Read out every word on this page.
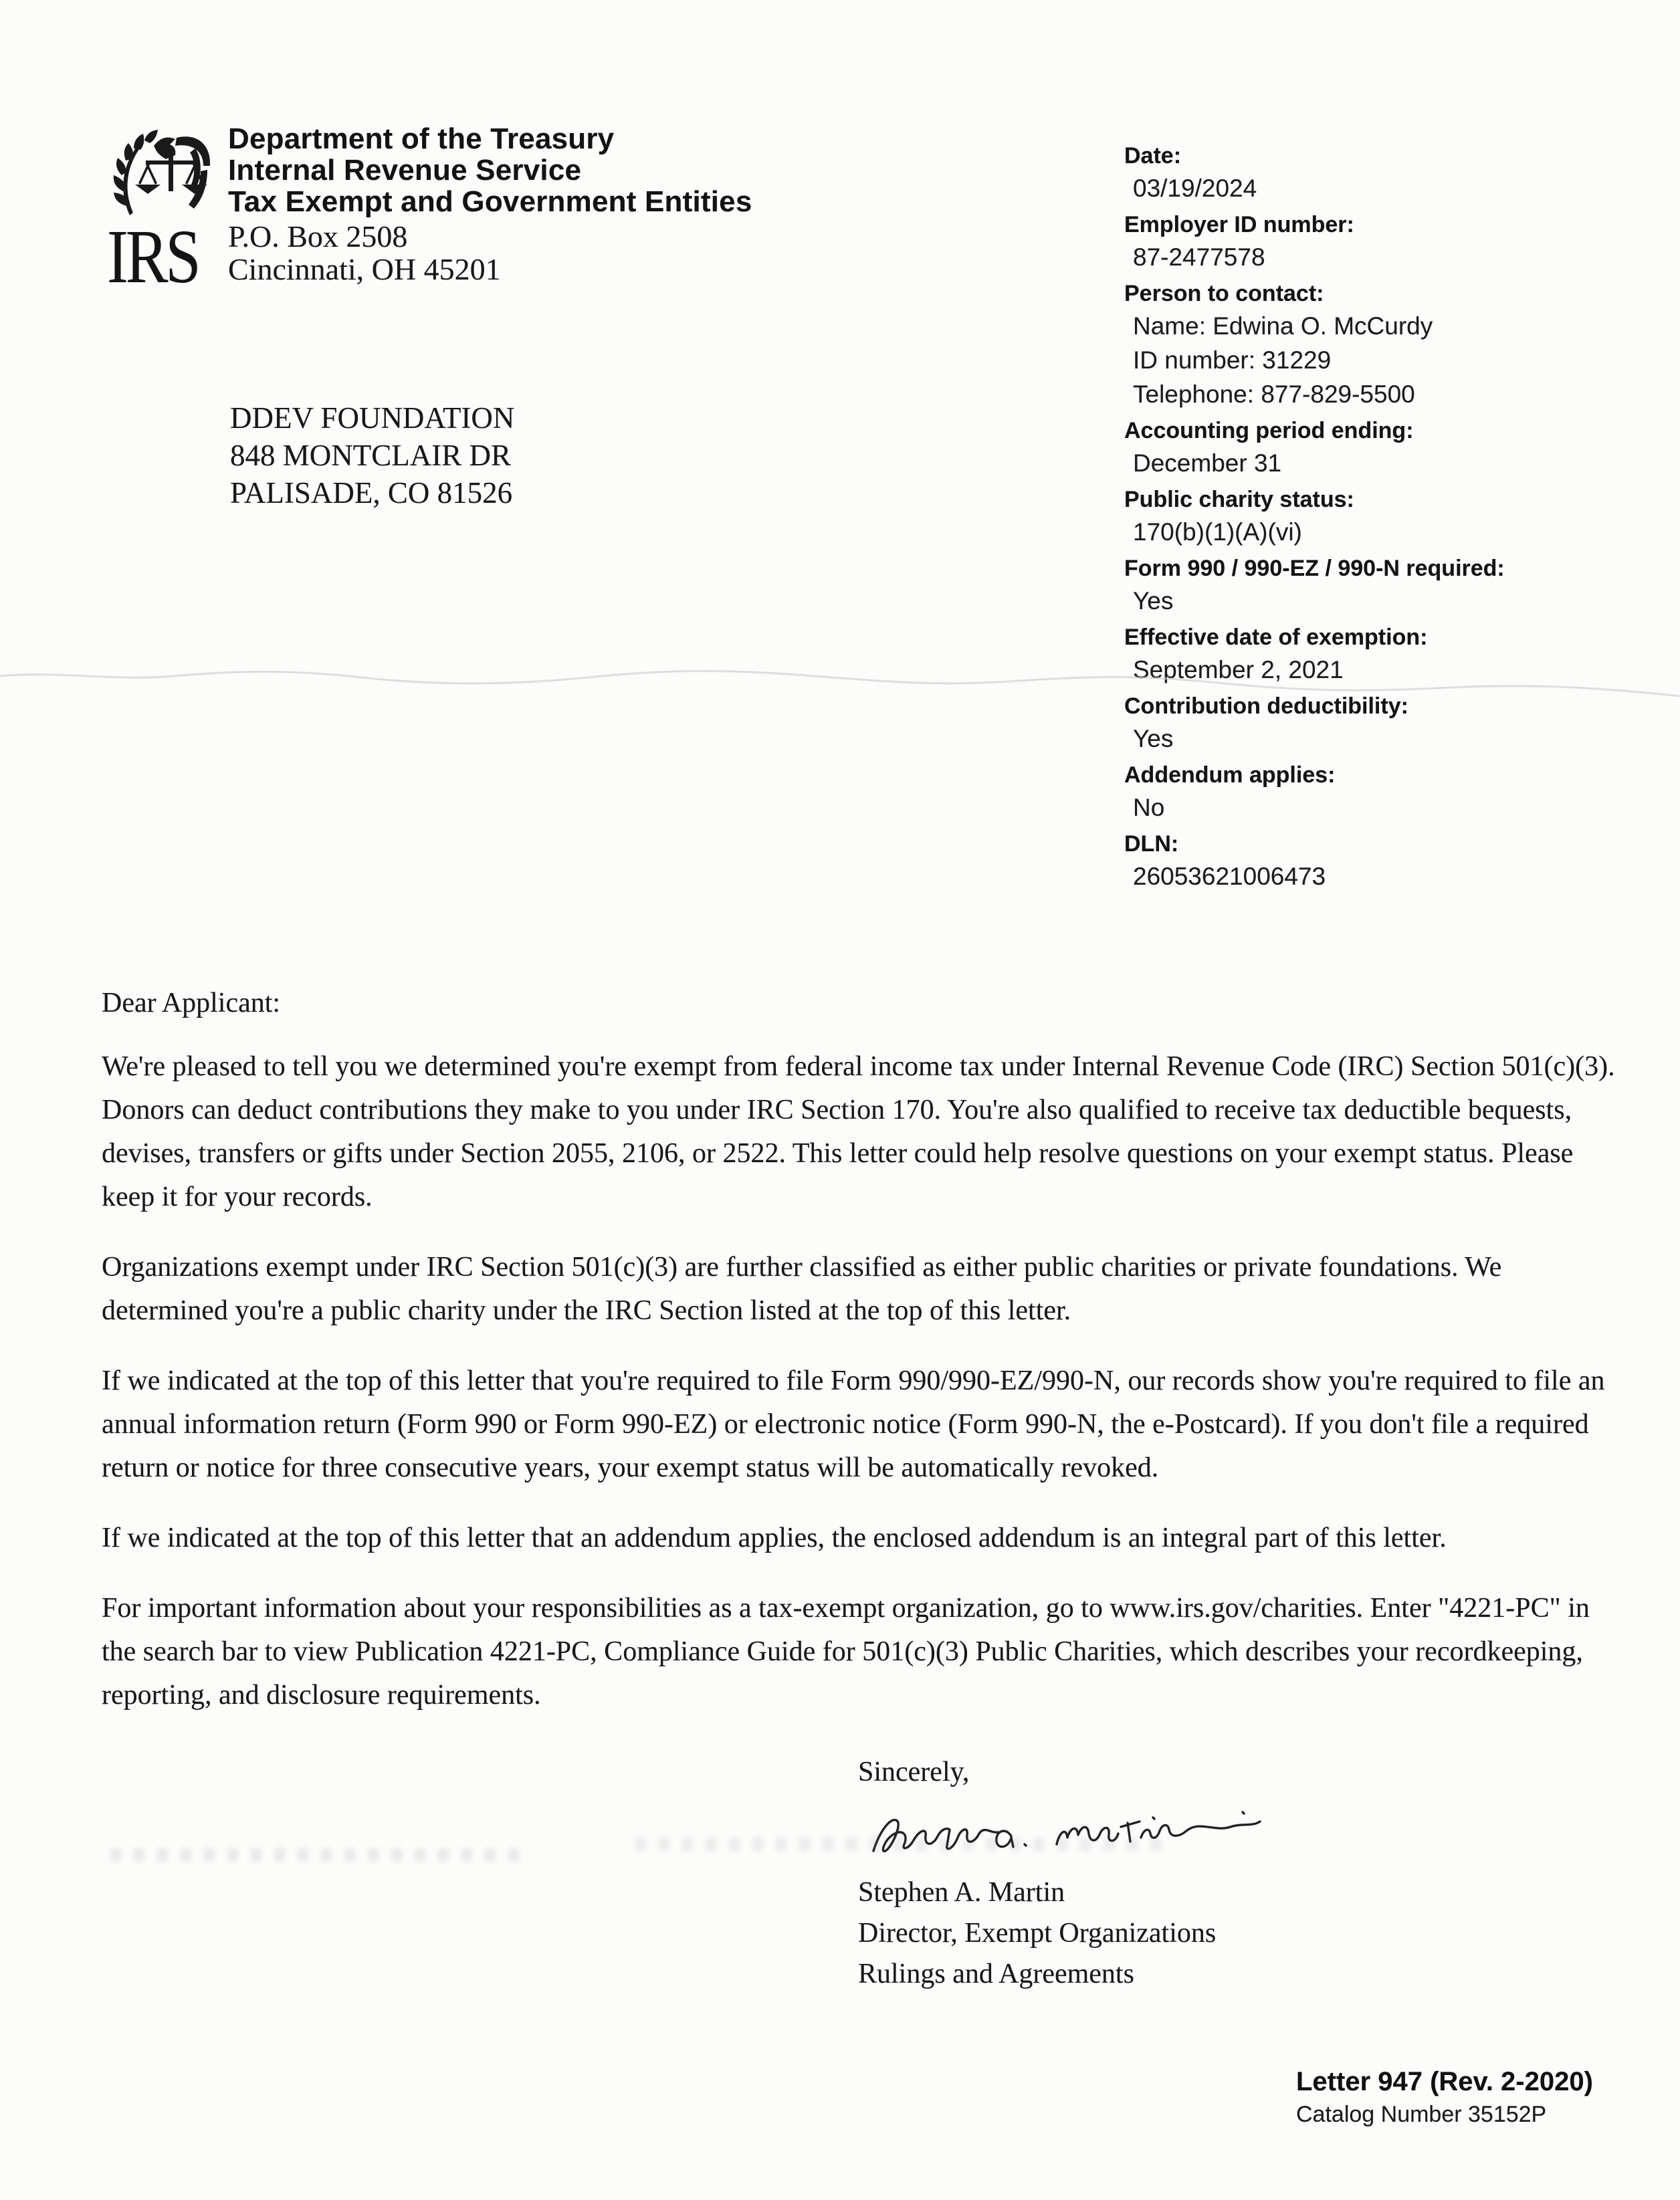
IRS
Department of the Treasury
Internal Revenue Service
Tax Exempt and Government Entities
P.O. Box 2508
Cincinnati, OH 45201
Date:
03/19/2024
Employer ID number:
87-2477578
Person to contact:
Name: Edwina O. McCurdy
ID number: 31229
Telephone: 877-829-5500
Accounting period ending:
December 31
Public charity status:
170(b)(1)(A)(vi)
Form 990 / 990-EZ / 990-N required:
Yes
Effective date of exemption:
September 2, 2021
Contribution deductibility:
Yes
Addendum applies:
No
DLN:
26053621006473
DDEV FOUNDATION
848 MONTCLAIR DR
PALISADE, CO 81526
Dear Applicant:

We're pleased to tell you we determined you're exempt from federal income tax under Internal Revenue Code (IRC) Section 501(c)(3). Donors can deduct contributions they make to you under IRC Section 170. You're also qualified to receive tax deductible bequests, devises, transfers or gifts under Section 2055, 2106, or 2522. This letter could help resolve questions on your exempt status. Please keep it for your records.

Organizations exempt under IRC Section 501(c)(3) are further classified as either public charities or private foundations. We determined you're a public charity under the IRC Section listed at the top of this letter.

If we indicated at the top of this letter that you're required to file Form 990/990-EZ/990-N, our records show you're required to file an annual information return (Form 990 or Form 990-EZ) or electronic notice (Form 990-N, the e-Postcard). If you don't file a required return or notice for three consecutive years, your exempt status will be automatically revoked.

If we indicated at the top of this letter that an addendum applies, the enclosed addendum is an integral part of this letter.

For important information about your responsibilities as a tax-exempt organization, go to www.irs.gov/charities. Enter "4221-PC" in the search bar to view Publication 4221-PC, Compliance Guide for 501(c)(3) Public Charities, which describes your recordkeeping, reporting, and disclosure requirements.

Sincerely,
Stephen A. Martin
Director, Exempt Organizations
Rulings and Agreements
Letter 947 (Rev. 2-2020)
Catalog Number 35152P
